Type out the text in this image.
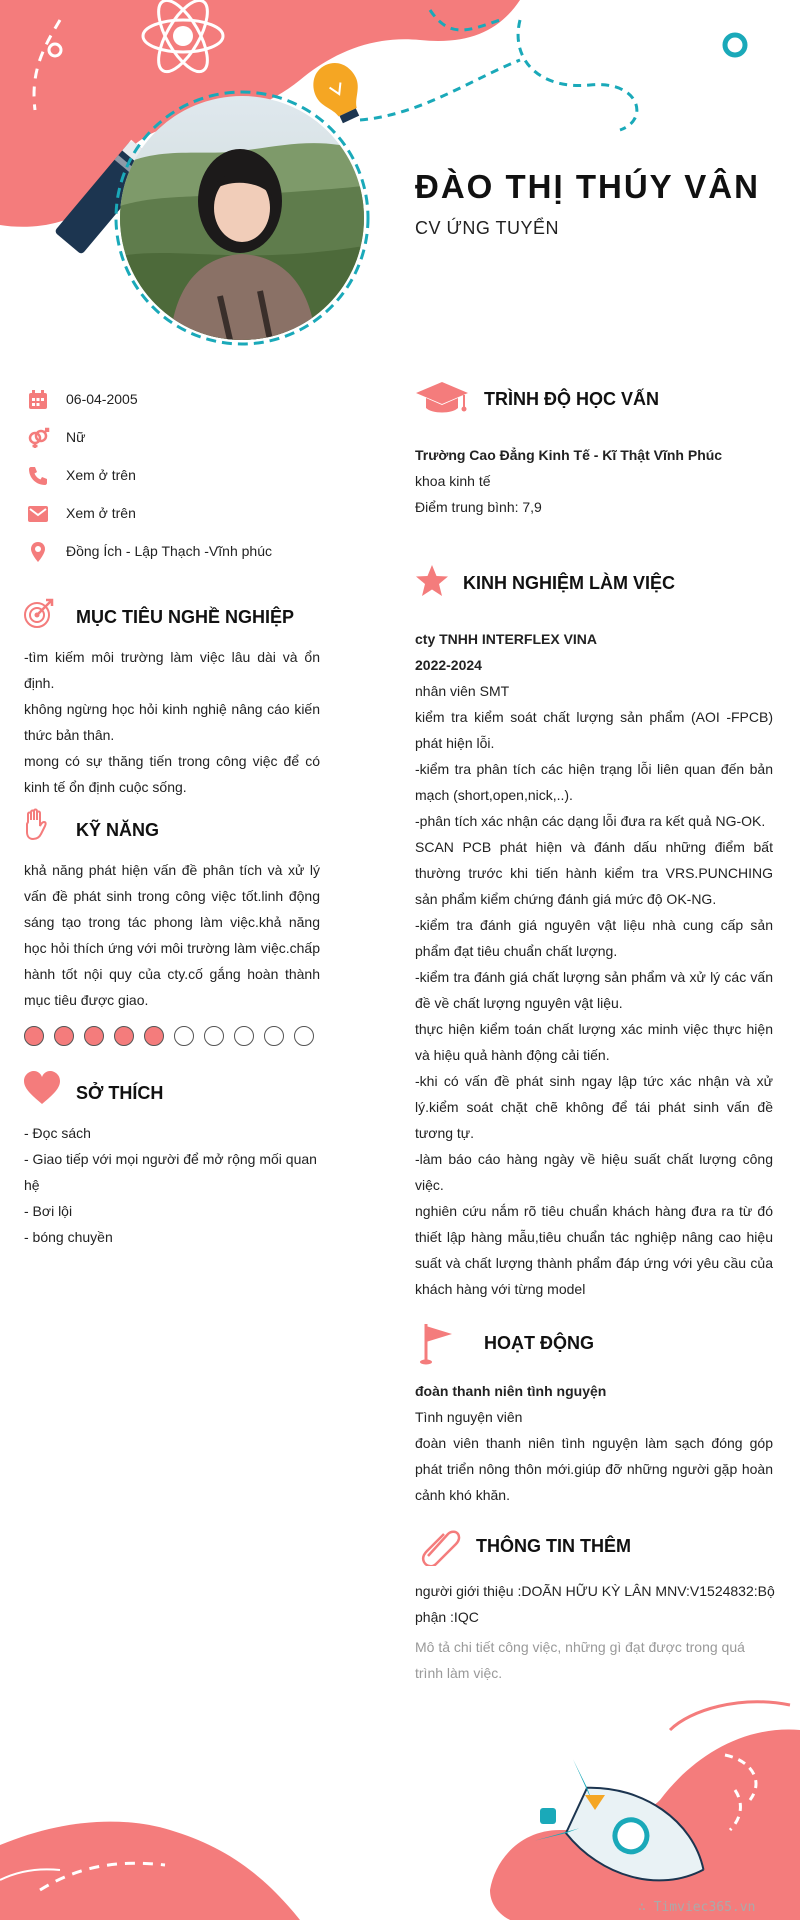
ĐÀO THỊ THÚY VÂN
CV ỨNG TUYỂN
06-04-2005
Nữ
Xem ở trên
Xem ở trên
Đồng Ích - Lập Thạch -Vĩnh phúc
MỤC TIÊU NGHỀ NGHIỆP
-tìm kiếm môi trường làm việc lâu dài và ổn định.
không ngừng học hỏi kinh nghiệ nâng cáo kiến thức bản thân.
mong có sự thăng tiến trong công việc để có kinh tế ổn định cuộc sống.
KỸ NĂNG
khả năng phát hiện vấn đề phân tích và xử lý vấn đề phát sinh trong công việc tốt.linh động sáng tạo trong tác phong làm việc.khả năng học hỏi thích ứng với môi trường làm việc.chấp hành tốt nội quy của cty.cố gắng hoàn thành mục tiêu được giao.
SỞ THÍCH
- Đọc sách
- Giao tiếp với mọi người để mở rộng mối quan hệ
- Bơi lội
- bóng chuyền
TRÌNH ĐỘ HỌC VẤN
Trường Cao Đẳng Kinh Tế - Kĩ Thật Vĩnh Phúc
khoa kinh tế
Điểm trung bình: 7,9
KINH NGHIỆM LÀM VIỆC
cty TNHH INTERFLEX VINA
2022-2024
nhân viên SMT
kiểm tra kiểm soát chất lượng sản phẩm (AOI -FPCB) phát hiện lỗi.
-kiểm tra phân tích các hiện trạng lỗi liên quan đến bản mạch (short,open,nick,..).
-phân tích xác nhận các dạng lỗi đưa ra kết quả NG-OK.
SCAN PCB phát hiện và đánh dấu những điểm bất thường trước khi tiến hành kiểm tra VRS.PUNCHING sản phẩm kiểm chứng đánh giá mức độ OK-NG.
-kiểm tra đánh giá nguyên vật liệu nhà cung cấp sản phẩm đạt tiêu chuẩn chất lượng.
-kiểm tra đánh giá chất lượng sản phẩm và xử lý các vấn đề về chất lượng nguyên vật liệu.
thực hiện kiểm toán chất lượng xác minh việc thực hiện và hiệu quả hành động cải tiến.
-khi có vấn đề phát sinh ngay lập tức xác nhận và xử lý.kiểm soát chặt chẽ không để tái phát sinh vấn đề tương tự.
-làm báo cáo hàng ngày về hiệu suất chất lượng công việc.
nghiên cứu nắm rõ tiêu chuẩn khách hàng đưa ra từ đó thiết lập hàng mẫu,tiêu chuẩn tác nghiệp nâng cao hiệu suất và chất lượng thành phẩm đáp ứng với yêu cầu của khách hàng với từng model
HOẠT ĐỘNG
đoàn thanh niên tình nguyện
Tình nguyện viên
đoàn viên thanh niên tình nguyện làm sạch đóng góp phát triển nông thôn mới.giúp đỡ những người gặp hoàn cảnh khó khăn.
THÔNG TIN THÊM
người giới thiệu :DOÃN HỮU KỲ LÂN MNV:V1524832:Bộ phận :IQC
Mô tả chi tiết công việc, những gì đạt được trong quá trình làm việc.
∴ Timviec365.vn
